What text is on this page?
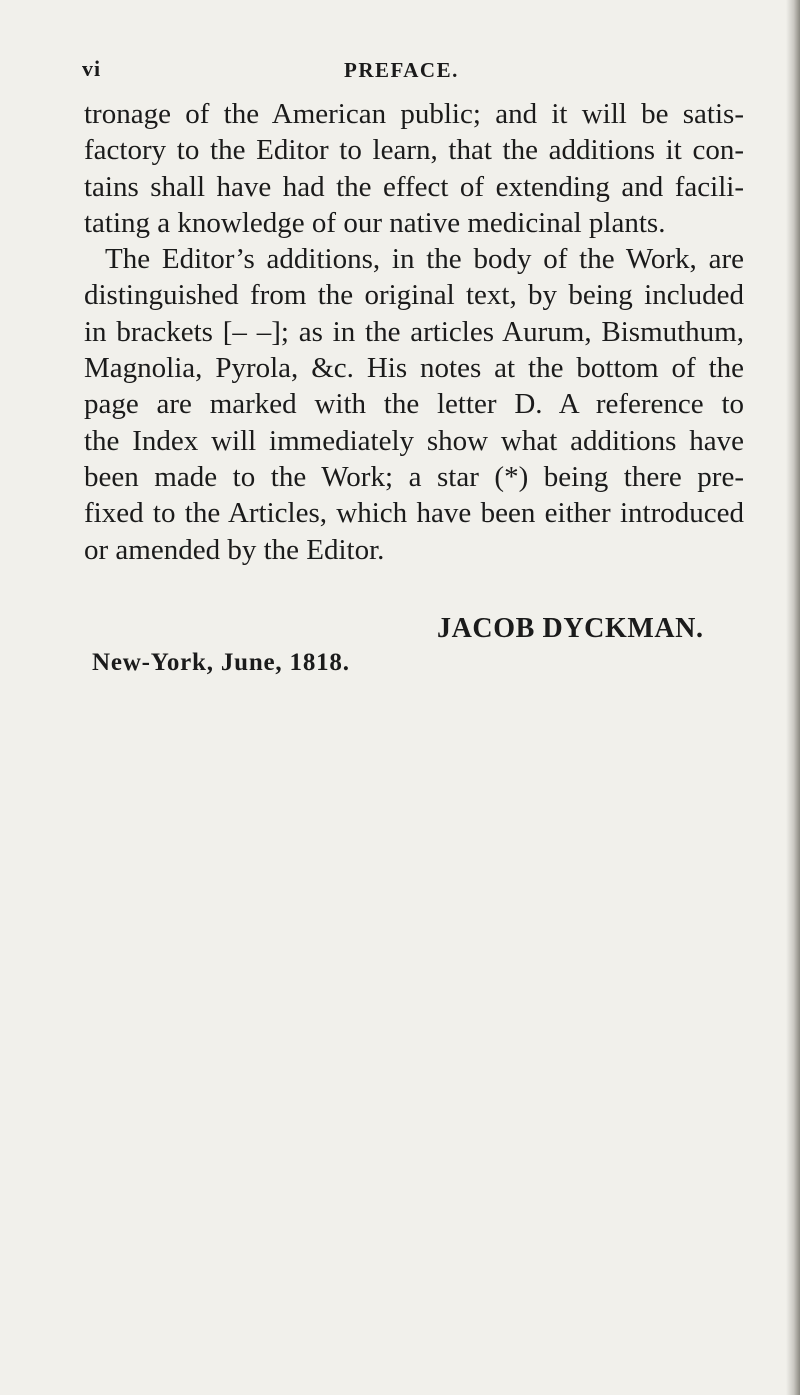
vi	PREFACE.
tronage of the American public; and it will be satis-
factory to the Editor to learn, that the additions it con-
tains shall have had the effect of extending and facili-
tating a knowledge of our native medicinal plants.
The Editor’s additions, in the body of the Work, are
distinguished from the original text, by being included
in brackets [– –]; as in the articles Aurum, Bismuthum,
Magnolia, Pyrola, &c. His notes at the bottom of the
page are marked with the letter D. A reference to
the Index will immediately show what additions have
been made to the Work; a star (*) being there pre-
fixed to the Articles, which have been either introduced
or amended by the Editor.
JACOB DYCKMAN.
New-York, June, 1818.
